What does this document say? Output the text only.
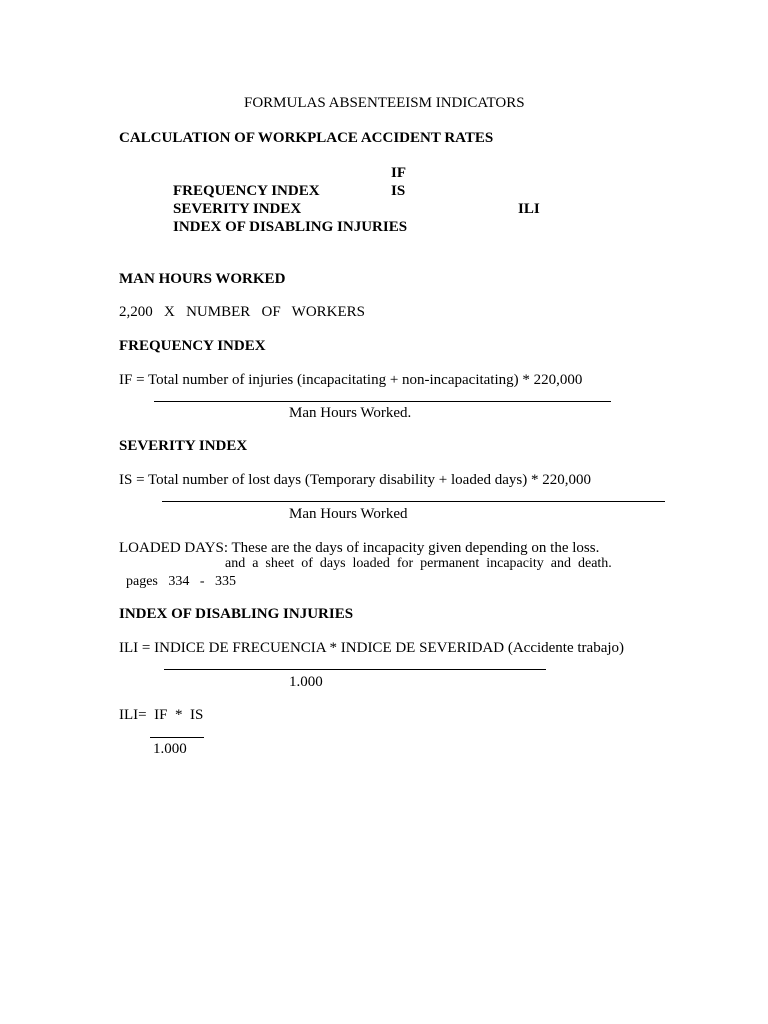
FORMULAS ABSENTEEISM INDICATORS
CALCULATION OF WORKPLACE ACCIDENT RATES

FREQUENCY INDEX

IF

SEVERITY INDEX

IS

INDEX OF DISABLING INJURIES

ILI
MAN HOURS WORKED
2,200   X   NUMBER   OF   WORKERS
FREQUENCY INDEX
IF = Total number of injuries (incapacitating + non-incapacitating) * 220,000
Man Hours Worked.
SEVERITY INDEX
IS = Total number of lost days (Temporary disability + loaded days) * 220,000
Man Hours Worked
LOADED DAYS: These are the days of incapacity given depending on the loss.

pages   334   -   335
and  a  sheet  of  days  loaded  for  permanent  incapacity  and  death.

INDEX OF DISABLING INJURIES
ILI = INDICE DE FRECUENCIA * INDICE DE SEVERIDAD (Accidente trabajo)
1.000
ILI=  IF  *  IS
1.000
